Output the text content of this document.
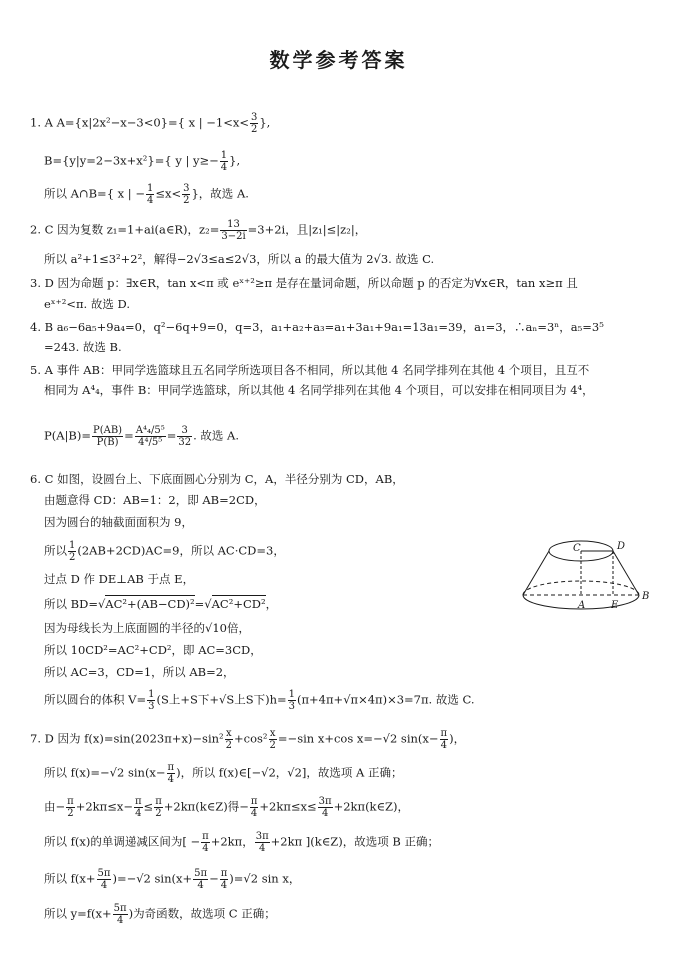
数学参考答案
1. A A={x|2x²−x−3<0}={ x | $-1<x< \frac{3}{2}$ },
B={y|y=2−3x+x²}={ y | $y\ge- \frac{1}{4}$ },
所以 A∩B={ x | − $\frac{1}{4} \le x< \frac{3}{2}$ }，故选 A.
2. C 因为复数 z₁=1+ai(a∈R)，$z_2= \frac{13}{3-2i} =3+2i$，且|z₁|≤|z₂|，
所以 a²+1≤3²+2²，解得−2√3≤a≤2√3，所以 a 的最大值为 2√3. 故选 C.
3. D 因为命题 p：∃x∈R，tan x<π 或 eˣ⁺²≥π 是存在量词命题，所以命题 p 的否定为∀x∈R，tan x≥π 且
eˣ⁺²<π. 故选 D.
4. B a₆−6a₅+9a₄=0，q²−6q+9=0，q=3，a₁+a₂+a₃=a₁+3a₁+9a₁=13a₁=39，a₁=3，∴aₙ=3ⁿ，a₅=3⁵
=243. 故选 B.
5. A 事件 AB：甲同学选篮球且五名同学所选项目各不相同，所以其他 4 名同学排列在其他 4 个项目，且互不
相同为 A⁴₄，事件 B：甲同学选篮球，所以其他 4 名同学排列在其他 4 个项目，可以安排在相同项目为 4⁴，
$P(A|B)= \frac{P(AB)}{P(B)} = \frac{\text{A⁴₄/5⁵}}{\text{4⁴/5⁵}} = \frac{3}{32}$ . 故选 A.
6. C 如图，设圆台上、下底面圆心分别为 C，A，半径分别为 CD，AB，
由题意得 CD：AB=1：2，即 AB=2CD，
因为圆台的轴截面面积为 9，
所以 $\frac{1}{2} (2AB+2CD)AC=9$，所以 AC·CD=3，
过点 D 作 DE⊥AB 于点 E，
所以 BD=√AC²+(AB−CD)²=√AC²+CD²，
因为母线长为上底面圆的半径的√10倍，
所以 10CD²=AC²+CD²，即 AC=3CD，
所以 AC=3，CD=1，所以 AB=2，
所以圆台的体积 $V= \frac{1}{3} (S$上+S下+√S上S下)$h= \frac{1}{3} (\pi+4\pi+√\pi\times 4\pi)\times 3=7\pi$. 故选 C.
C	D
A	E
B
7. D 因为 $f(x)=\sin(2023\pi+x)-\sin^2 \frac{x}{2} +\cos^2 \frac{x}{2} =-\sin$ x+cos x=−√2 $\sin(x- \frac{\pi}{4}$ )，
所以 f(x)=−√2 $\sin(x- \frac{\pi}{4}$ )，所以 f(x)∈[−√2，√2]，故选项 A 正确；
由− $\frac{\pi}{2} +2k\pi\le x- \frac{\pi}{4} \le \frac{\pi}{2}$ +2kπ(k∈Z)得− $\frac{\pi}{4} +2k\pi\le x\le \frac{3\pi}{4}$ +2kπ(k∈Z)，
所以 f(x)的单调递减区间为[ − $\frac{\pi}{4} +2k\pi$， $\frac{3\pi}{4} +2k\pi$ ](k∈Z)，故选项 B 正确；
所以 $f(x+ \frac{5\pi}{4} )=-√2$ $\sin(x+ \frac{5\pi}{4} - \frac{\pi}{4} )=√2$ sin x，
所以 $y=f(x+ \frac{5\pi}{4}$ )为奇函数，故选项 C 正确；
